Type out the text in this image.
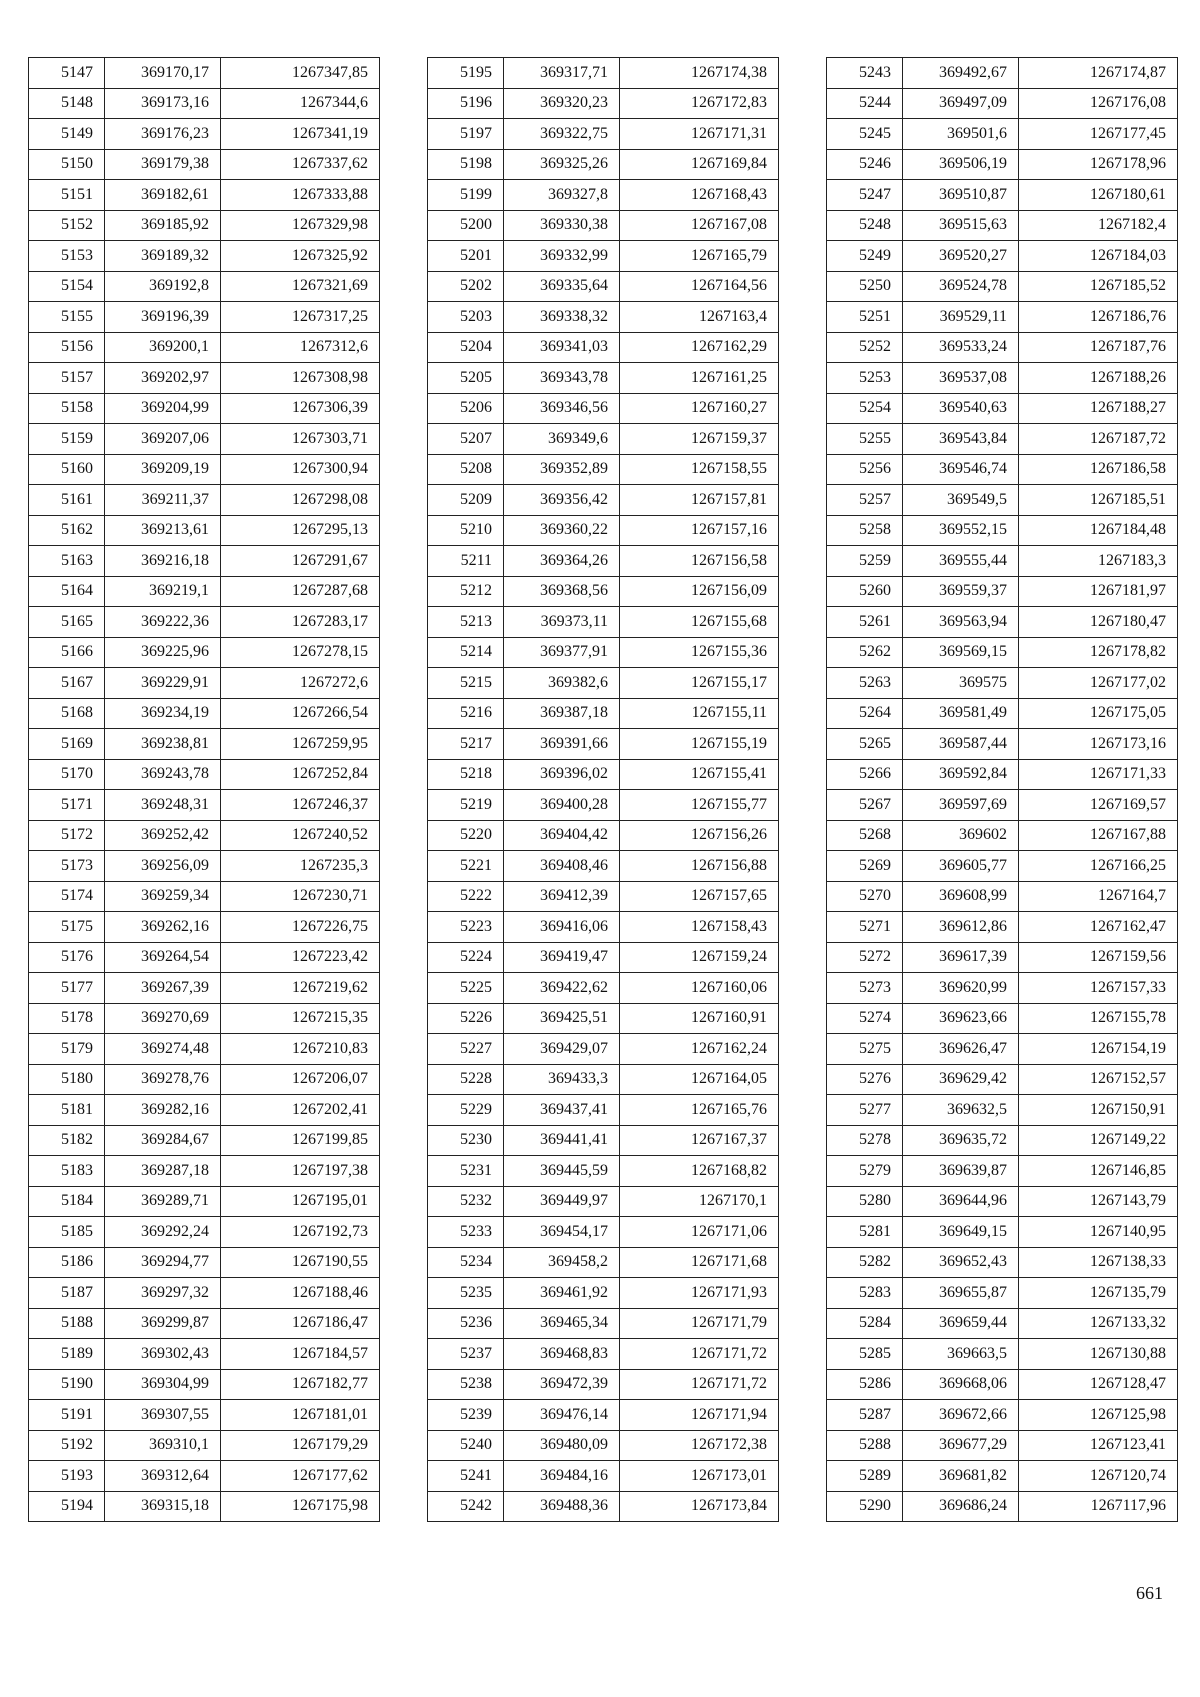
5147	369170,17	1267347,85
5148	369173,16	1267344,6
5149	369176,23	1267341,19
5150	369179,38	1267337,62
5151	369182,61	1267333,88
5152	369185,92	1267329,98
5153	369189,32	1267325,92
5154	369192,8	1267321,69
5155	369196,39	1267317,25
5156	369200,1	1267312,6
5157	369202,97	1267308,98
5158	369204,99	1267306,39
5159	369207,06	1267303,71
5160	369209,19	1267300,94
5161	369211,37	1267298,08
5162	369213,61	1267295,13
5163	369216,18	1267291,67
5164	369219,1	1267287,68
5165	369222,36	1267283,17
5166	369225,96	1267278,15
5167	369229,91	1267272,6
5168	369234,19	1267266,54
5169	369238,81	1267259,95
5170	369243,78	1267252,84
5171	369248,31	1267246,37
5172	369252,42	1267240,52
5173	369256,09	1267235,3
5174	369259,34	1267230,71
5175	369262,16	1267226,75
5176	369264,54	1267223,42
5177	369267,39	1267219,62
5178	369270,69	1267215,35
5179	369274,48	1267210,83
5180	369278,76	1267206,07
5181	369282,16	1267202,41
5182	369284,67	1267199,85
5183	369287,18	1267197,38
5184	369289,71	1267195,01
5185	369292,24	1267192,73
5186	369294,77	1267190,55
5187	369297,32	1267188,46
5188	369299,87	1267186,47
5189	369302,43	1267184,57
5190	369304,99	1267182,77
5191	369307,55	1267181,01
5192	369310,1	1267179,29
5193	369312,64	1267177,62
5194	369315,18	1267175,98
5195	369317,71	1267174,38
5196	369320,23	1267172,83
5197	369322,75	1267171,31
5198	369325,26	1267169,84
5199	369327,8	1267168,43
5200	369330,38	1267167,08
5201	369332,99	1267165,79
5202	369335,64	1267164,56
5203	369338,32	1267163,4
5204	369341,03	1267162,29
5205	369343,78	1267161,25
5206	369346,56	1267160,27
5207	369349,6	1267159,37
5208	369352,89	1267158,55
5209	369356,42	1267157,81
5210	369360,22	1267157,16
5211	369364,26	1267156,58
5212	369368,56	1267156,09
5213	369373,11	1267155,68
5214	369377,91	1267155,36
5215	369382,6	1267155,17
5216	369387,18	1267155,11
5217	369391,66	1267155,19
5218	369396,02	1267155,41
5219	369400,28	1267155,77
5220	369404,42	1267156,26
5221	369408,46	1267156,88
5222	369412,39	1267157,65
5223	369416,06	1267158,43
5224	369419,47	1267159,24
5225	369422,62	1267160,06
5226	369425,51	1267160,91
5227	369429,07	1267162,24
5228	369433,3	1267164,05
5229	369437,41	1267165,76
5230	369441,41	1267167,37
5231	369445,59	1267168,82
5232	369449,97	1267170,1
5233	369454,17	1267171,06
5234	369458,2	1267171,68
5235	369461,92	1267171,93
5236	369465,34	1267171,79
5237	369468,83	1267171,72
5238	369472,39	1267171,72
5239	369476,14	1267171,94
5240	369480,09	1267172,38
5241	369484,16	1267173,01
5242	369488,36	1267173,84
5243	369492,67	1267174,87
5244	369497,09	1267176,08
5245	369501,6	1267177,45
5246	369506,19	1267178,96
5247	369510,87	1267180,61
5248	369515,63	1267182,4
5249	369520,27	1267184,03
5250	369524,78	1267185,52
5251	369529,11	1267186,76
5252	369533,24	1267187,76
5253	369537,08	1267188,26
5254	369540,63	1267188,27
5255	369543,84	1267187,72
5256	369546,74	1267186,58
5257	369549,5	1267185,51
5258	369552,15	1267184,48
5259	369555,44	1267183,3
5260	369559,37	1267181,97
5261	369563,94	1267180,47
5262	369569,15	1267178,82
5263	369575	1267177,02
5264	369581,49	1267175,05
5265	369587,44	1267173,16
5266	369592,84	1267171,33
5267	369597,69	1267169,57
5268	369602	1267167,88
5269	369605,77	1267166,25
5270	369608,99	1267164,7
5271	369612,86	1267162,47
5272	369617,39	1267159,56
5273	369620,99	1267157,33
5274	369623,66	1267155,78
5275	369626,47	1267154,19
5276	369629,42	1267152,57
5277	369632,5	1267150,91
5278	369635,72	1267149,22
5279	369639,87	1267146,85
5280	369644,96	1267143,79
5281	369649,15	1267140,95
5282	369652,43	1267138,33
5283	369655,87	1267135,79
5284	369659,44	1267133,32
5285	369663,5	1267130,88
5286	369668,06	1267128,47
5287	369672,66	1267125,98
5288	369677,29	1267123,41
5289	369681,82	1267120,74
5290	369686,24	1267117,96
661
